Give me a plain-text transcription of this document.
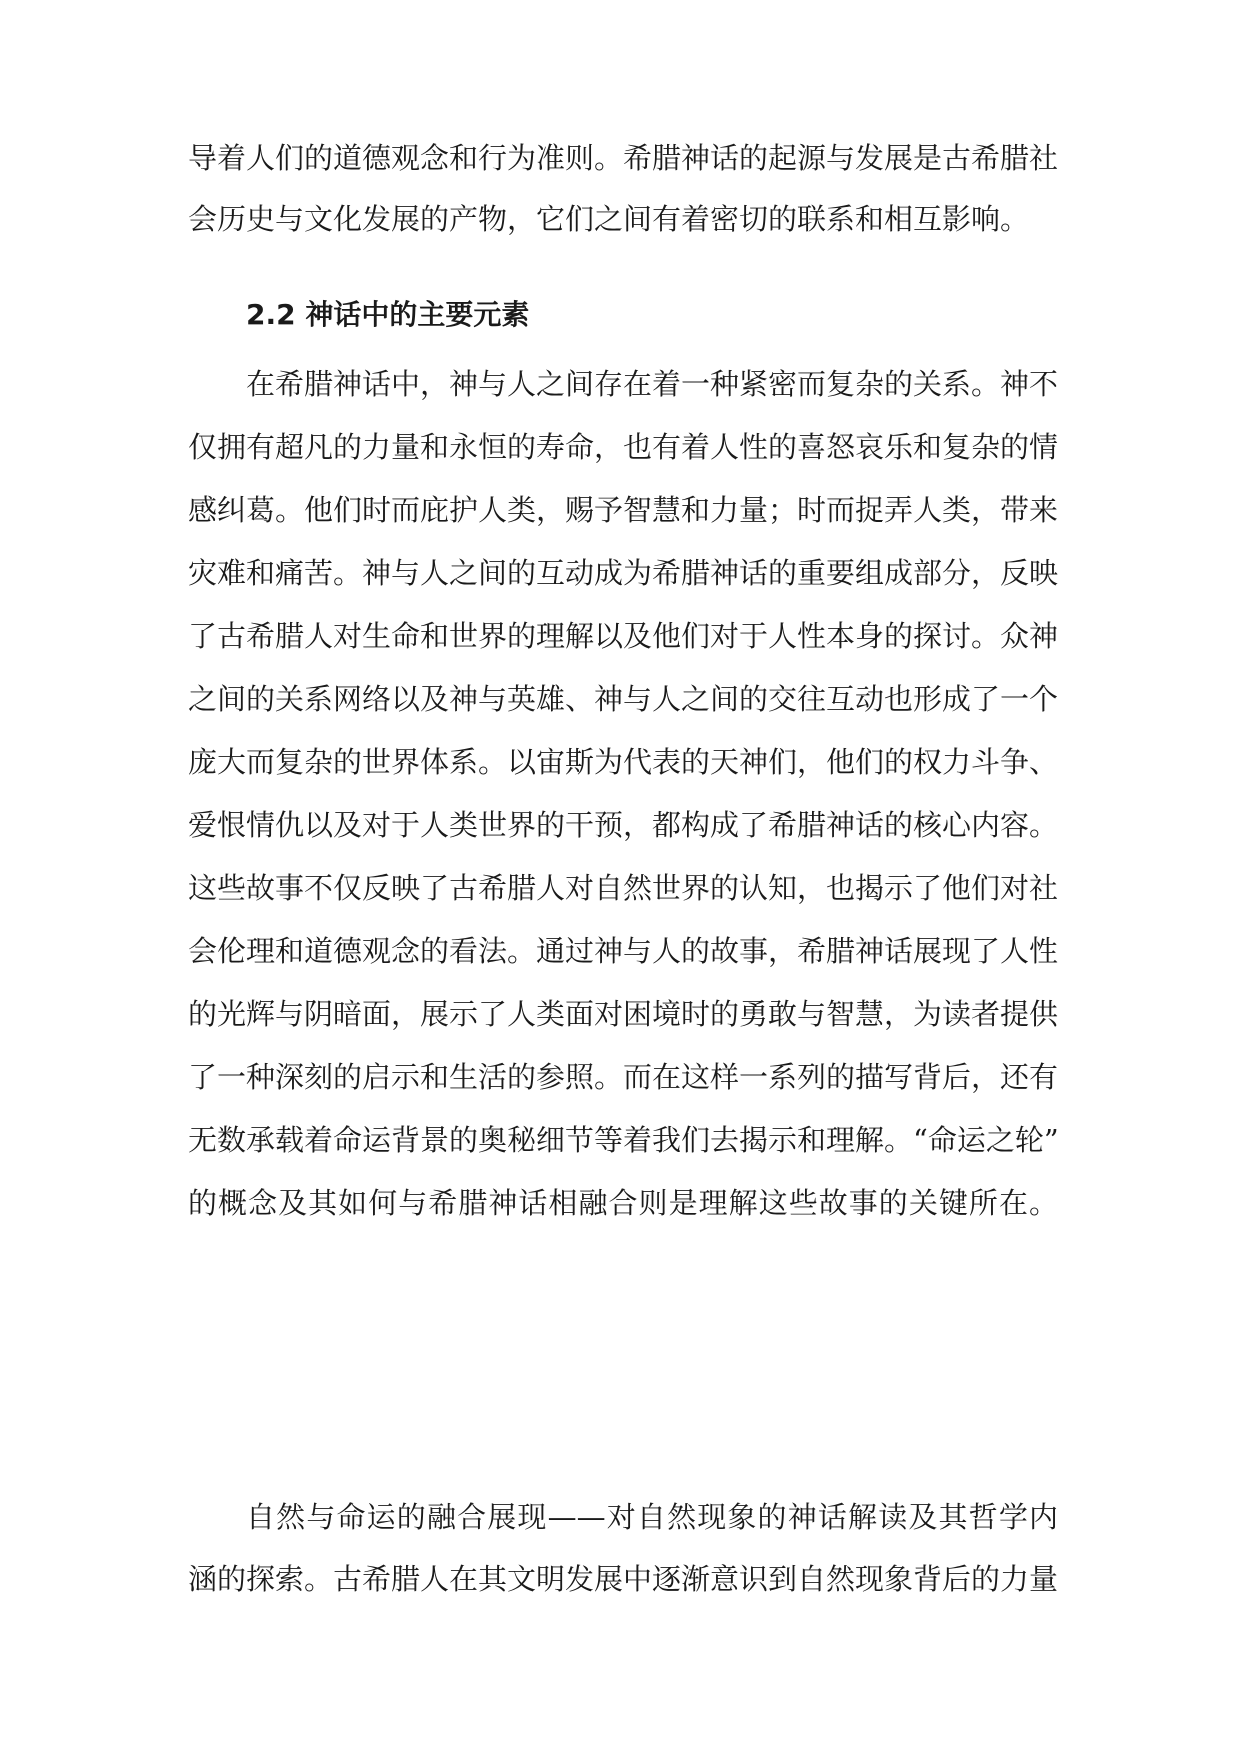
导着人们的道德观念和行为准则。希腊神话的起源与发展是古希腊社
会历史与文化发展的产物，它们之间有着密切的联系和相互影响。
2.2 神话中的主要元素
在希腊神话中，神与人之间存在着一种紧密而复杂的关系。神不
仅拥有超凡的力量和永恒的寿命，也有着人性的喜怒哀乐和复杂的情
感纠葛。他们时而庇护人类，赐予智慧和力量；时而捉弄人类，带来
灾难和痛苦。神与人之间的互动成为希腊神话的重要组成部分，反映
了古希腊人对生命和世界的理解以及他们对于人性本身的探讨。众神
之间的关系网络以及神与英雄、神与人之间的交往互动也形成了一个
庞大而复杂的世界体系。以宙斯为代表的天神们，他们的权力斗争、
爱恨情仇以及对于人类世界的干预，都构成了希腊神话的核心内容。
这些故事不仅反映了古希腊人对自然世界的认知，也揭示了他们对社
会伦理和道德观念的看法。通过神与人的故事，希腊神话展现了人性
的光辉与阴暗面，展示了人类面对困境时的勇敢与智慧，为读者提供
了一种深刻的启示和生活的参照。而在这样一系列的描写背后，还有
无数承载着命运背景的奥秘细节等着我们去揭示和理解。“命运之轮”
的概念及其如何与希腊神话相融合则是理解这些故事的关键所在。
自然与命运的融合展现——对自然现象的神话解读及其哲学内
涵的探索。古希腊人在其文明发展中逐渐意识到自然现象背后的力量
